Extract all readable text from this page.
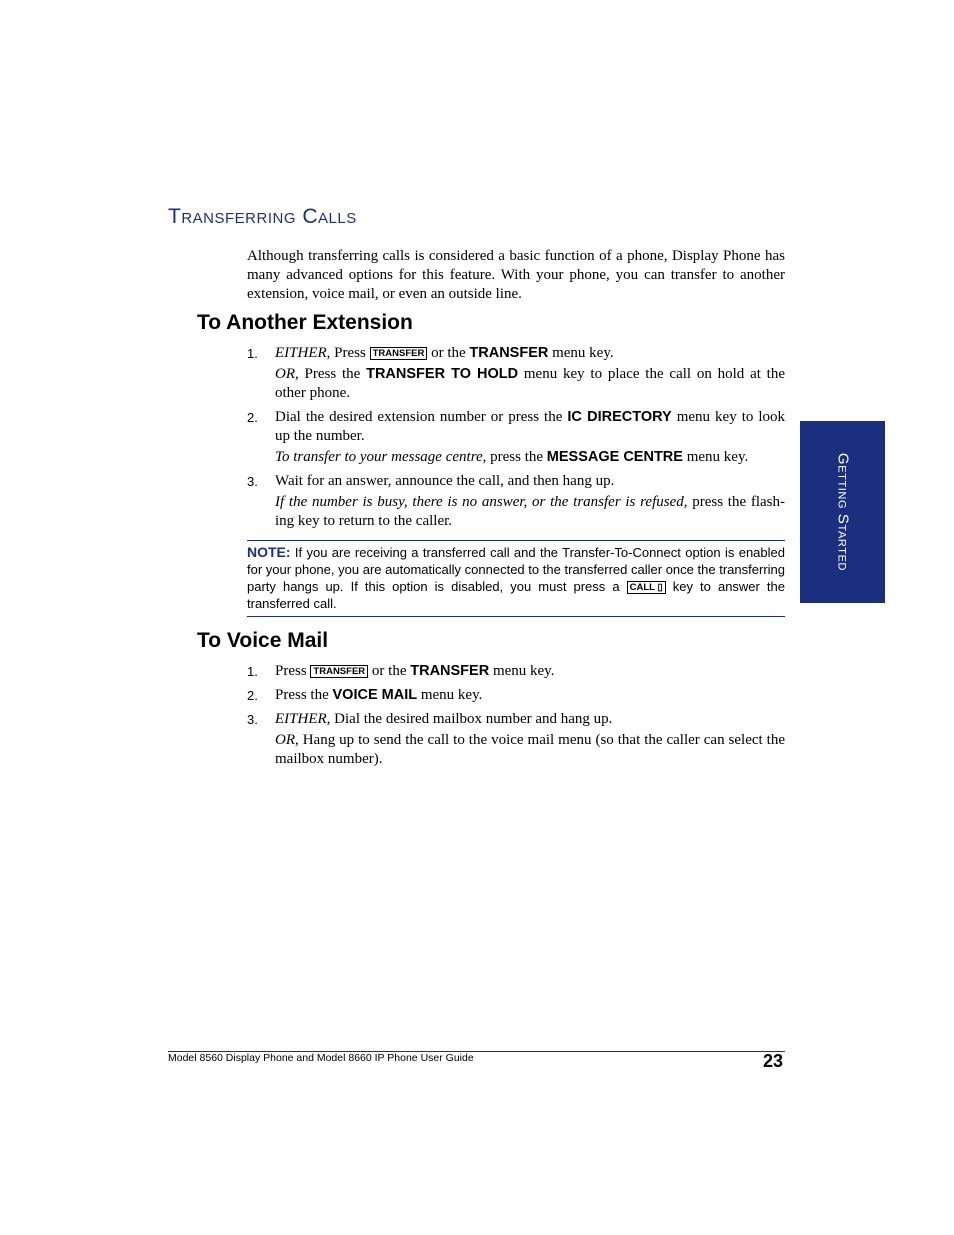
Transferring Calls

Although transferring calls is considered a basic function of a phone, Display Phone has many advanced options for this feature. With your phone, you can transfer to another extension, voice mail, or even an outside line.

To Another Extension
1.	EITHER, Press TRANSFER or the TRANSFER menu key.

OR, Press the TRANSFER TO HOLD menu key to place the call on hold at the other phone.

2.	Dial the desired extension number or press the IC DIRECTORY menu key to look up the number.

To transfer to your message centre, press the MESSAGE CENTRE menu key.

3.	Wait for an answer, announce the call, and then hang up.

If the number is busy, there is no answer, or the transfer is refused, press the flash-ing key to return to the caller.

NOTE: If you are receiving a transferred call and the Transfer-To-Connect option is enabled for your phone, you are automatically connected to the transferred caller once the transferring party hangs up. If this option is disabled, you must press a CALL ▯ key to answer the transferred call.
To Voice Mail
1.	Press TRANSFER or the TRANSFER menu key.

2.	Press the VOICE MAIL menu key.

3.	EITHER, Dial the desired mailbox number and hang up.

OR, Hang up to send the call to the voice mail menu (so that the caller can select the mailbox number).

Getting Started
Model 8560 Display Phone and Model 8660 IP Phone User Guide	23
